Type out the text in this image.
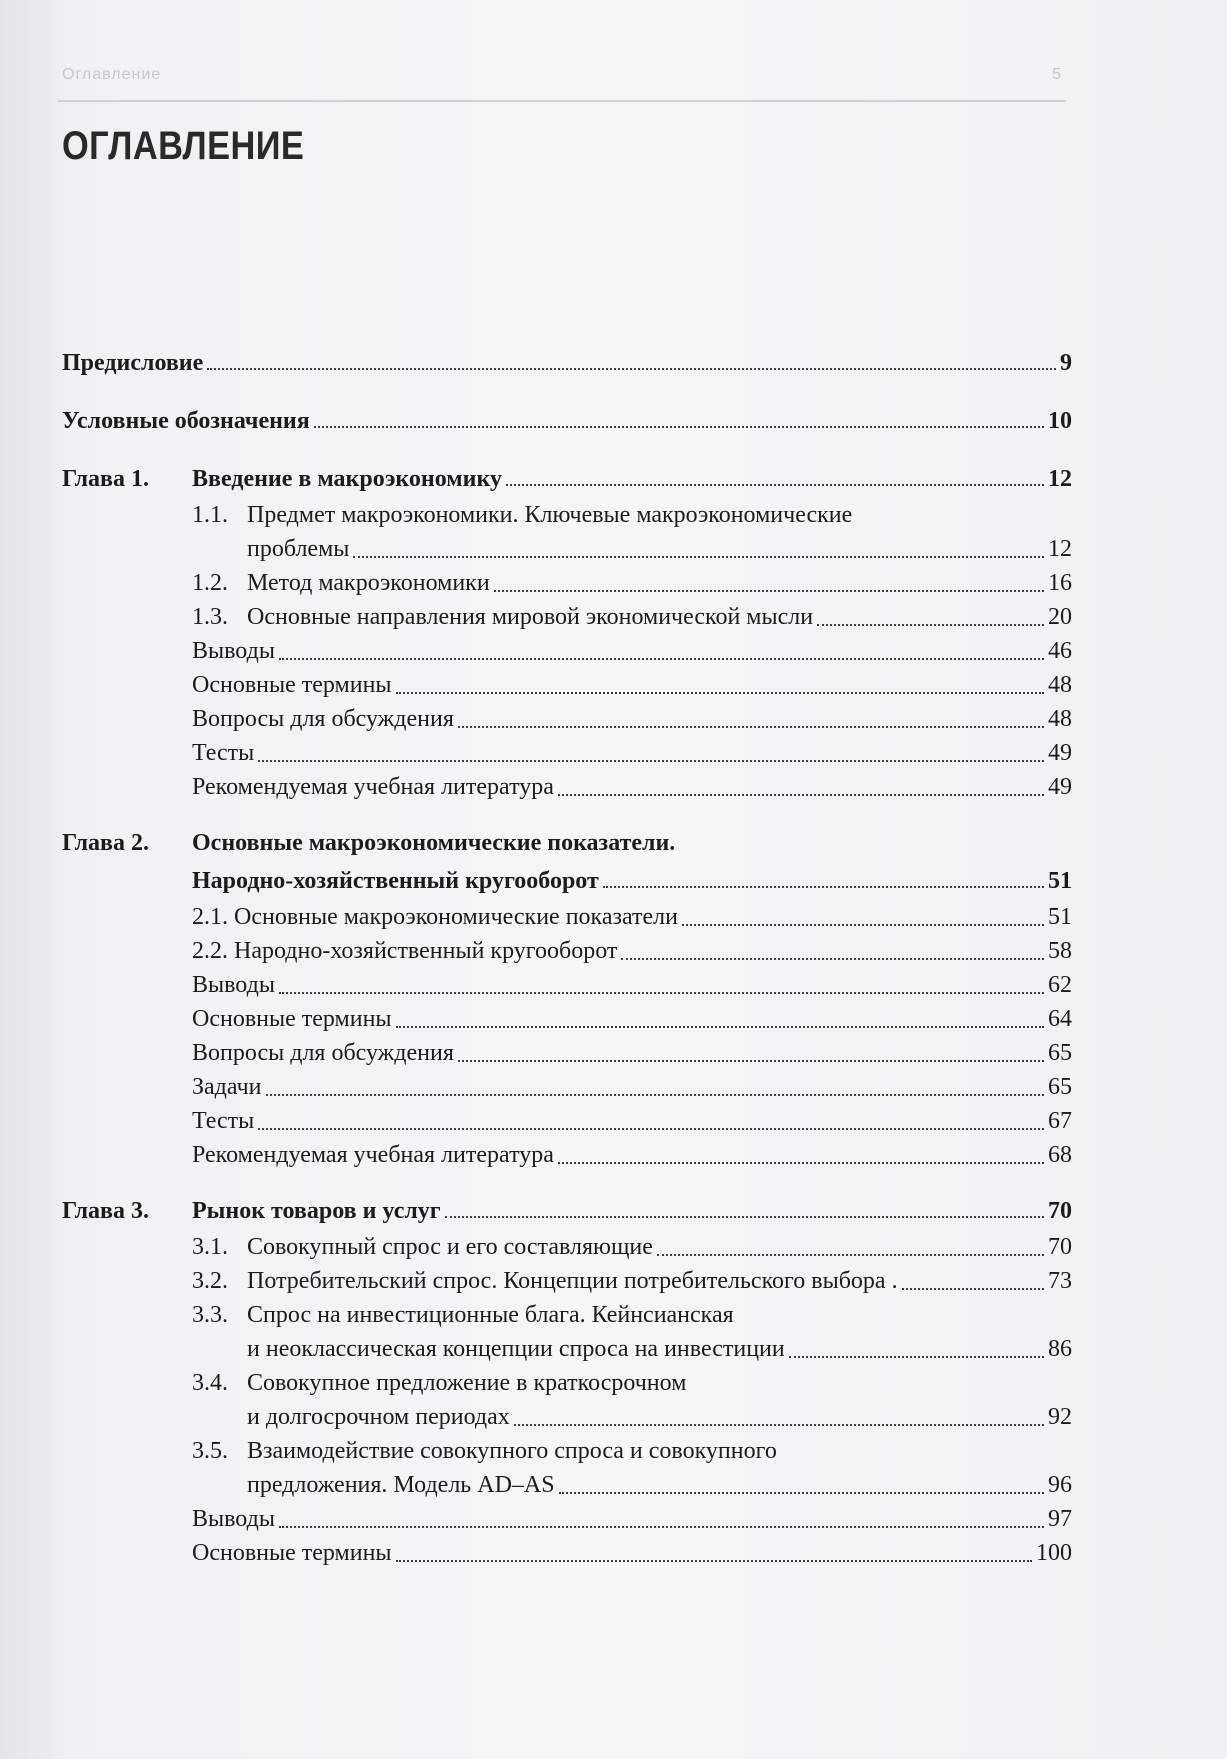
Оглавление	5
ОГЛАВЛЕНИЕ
Предисловие	9
Условные обозначения	10
Глава 1. Введение в макроэкономику	12
1.1. Предмет макроэкономики. Ключевые макроэкономические
проблемы	12
1.2. Метод макроэкономики	16
1.3. Основные направления мировой экономической мысли	20
Выводы	46
Основные термины	48
Вопросы для обсуждения	48
Тесты	49
Рекомендуемая учебная литература	49
Глава 2. Основные макроэкономические показатели.
Народно-хозяйственный кругооборот	51
2.1. Основные макроэкономические показатели	51
2.2. Народно-хозяйственный кругооборот	58
Выводы	62
Основные термины	64
Вопросы для обсуждения	65
Задачи	65
Тесты	67
Рекомендуемая учебная литература	68
Глава 3. Рынок товаров и услуг	70
3.1. Совокупный спрос и его составляющие	70
3.2. Потребительский спрос. Концепции потребительского выбора .	73
3.3. Спрос на инвестиционные блага. Кейнсианская
и неоклассическая концепции спроса на инвестиции	86
3.4. Совокупное предложение в краткосрочном
и долгосрочном периодах	92
3.5. Взаимодействие совокупного спроса и совокупного
предложения. Модель AD–AS	96
Выводы	97
Основные термины	100
